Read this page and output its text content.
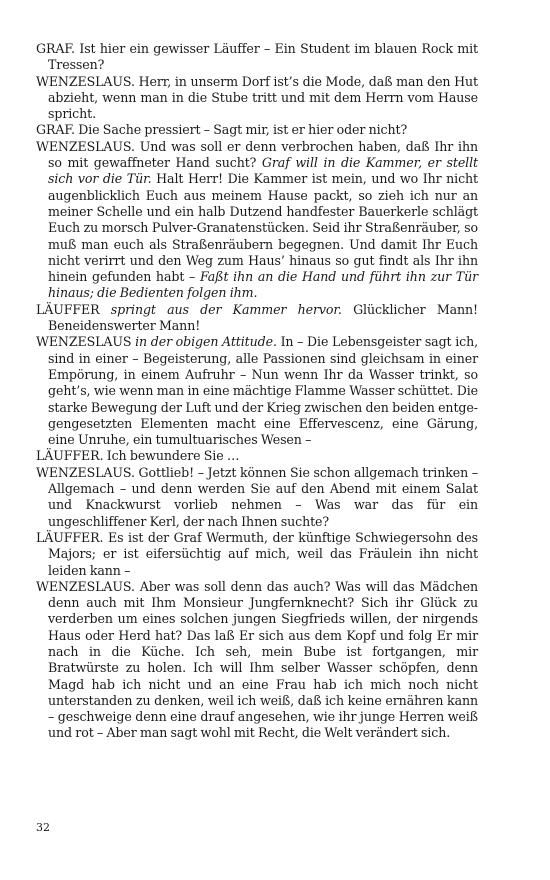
GRAF. Ist hier ein gewisser Läuffer – Ein Student im blauen Rock mit Tressen?

WENZESLAUS. Herr, in unserm Dorf ist’s die Mode, daß man den Hut abzieht, wenn man in die Stube tritt und mit dem Herrn vom Hause spricht.

GRAF. Die Sache pressiert – Sagt mir, ist er hier oder nicht?

WENZESLAUS. Und was soll er denn verbrochen haben, daß Ihr ihn so mit gewaffneter Hand sucht? Graf will in die Kammer, er stellt sich vor die Tür. Halt Herr! Die Kammer ist mein, und wo Ihr nicht augenblicklich Euch aus meinem Hause packt, so zieh ich nur an meiner Schelle und ein halb Dutzend handfester Bauerkerle schlägt Euch zu morsch Pulver-Granatenstücken. Seid ihr Straßenräuber, so muß man euch als Straßenräubern begegnen. Und damit Ihr Euch nicht verirrt und den Weg zum Haus’ hinaus so gut findt als Ihr ihn hinein gefunden habt – Faßt ihn an die Hand und führt ihn zur Tür hinaus; die Bedienten folgen ihm.

LÄUFFER springt aus der Kammer hervor. Glücklicher Mann! Beneidenswerter Mann!

WENZESLAUS in der obigen Attitude. In – Die Lebensgeister sagt ich, sind in einer – Begeisterung, alle Passionen sind gleichsam in einer Empörung, in einem Aufruhr – Nun wenn Ihr da Wasser trinkt, so geht’s, wie wenn man in eine mächtige Flamme Wasser schüttet. Die starke Bewegung der Luft und der Krieg zwischen den beiden entgegengesetzten Elementen macht eine Effervescenz, eine Gärung, eine Unruhe, ein tumultuarisches Wesen –

LÄUFFER. Ich bewundere Sie …

WENZESLAUS. Gottlieb! – Jetzt können Sie schon allgemach trinken – Allgemach – und denn werden Sie auf den Abend mit einem Salat und Knackwurst vorlieb nehmen – Was war das für ein ungeschliffener Kerl, der nach Ihnen suchte?

LÄUFFER. Es ist der Graf Wermuth, der künftige Schwiegersohn des Majors; er ist eifersüchtig auf mich, weil das Fräulein ihn nicht leiden kann –

WENZESLAUS. Aber was soll denn das auch? Was will das Mädchen denn auch mit Ihm Monsieur Jungfernknecht? Sich ihr Glück zu verderben um eines solchen jungen Siegfrieds willen, der nirgends Haus oder Herd hat? Das laß Er sich aus dem Kopf und folg Er mir nach in die Küche. Ich seh, mein Bube ist fortgangen, mir Bratwürste zu holen. Ich will Ihm selber Wasser schöpfen, denn Magd hab ich nicht und an eine Frau hab ich mich noch nicht unterstanden zu denken, weil ich weiß, daß ich keine ernähren kann – geschweige denn eine drauf angesehen, wie ihr junge Herren weiß und rot – Aber man sagt wohl mit Recht, die Welt verändert sich.

32
